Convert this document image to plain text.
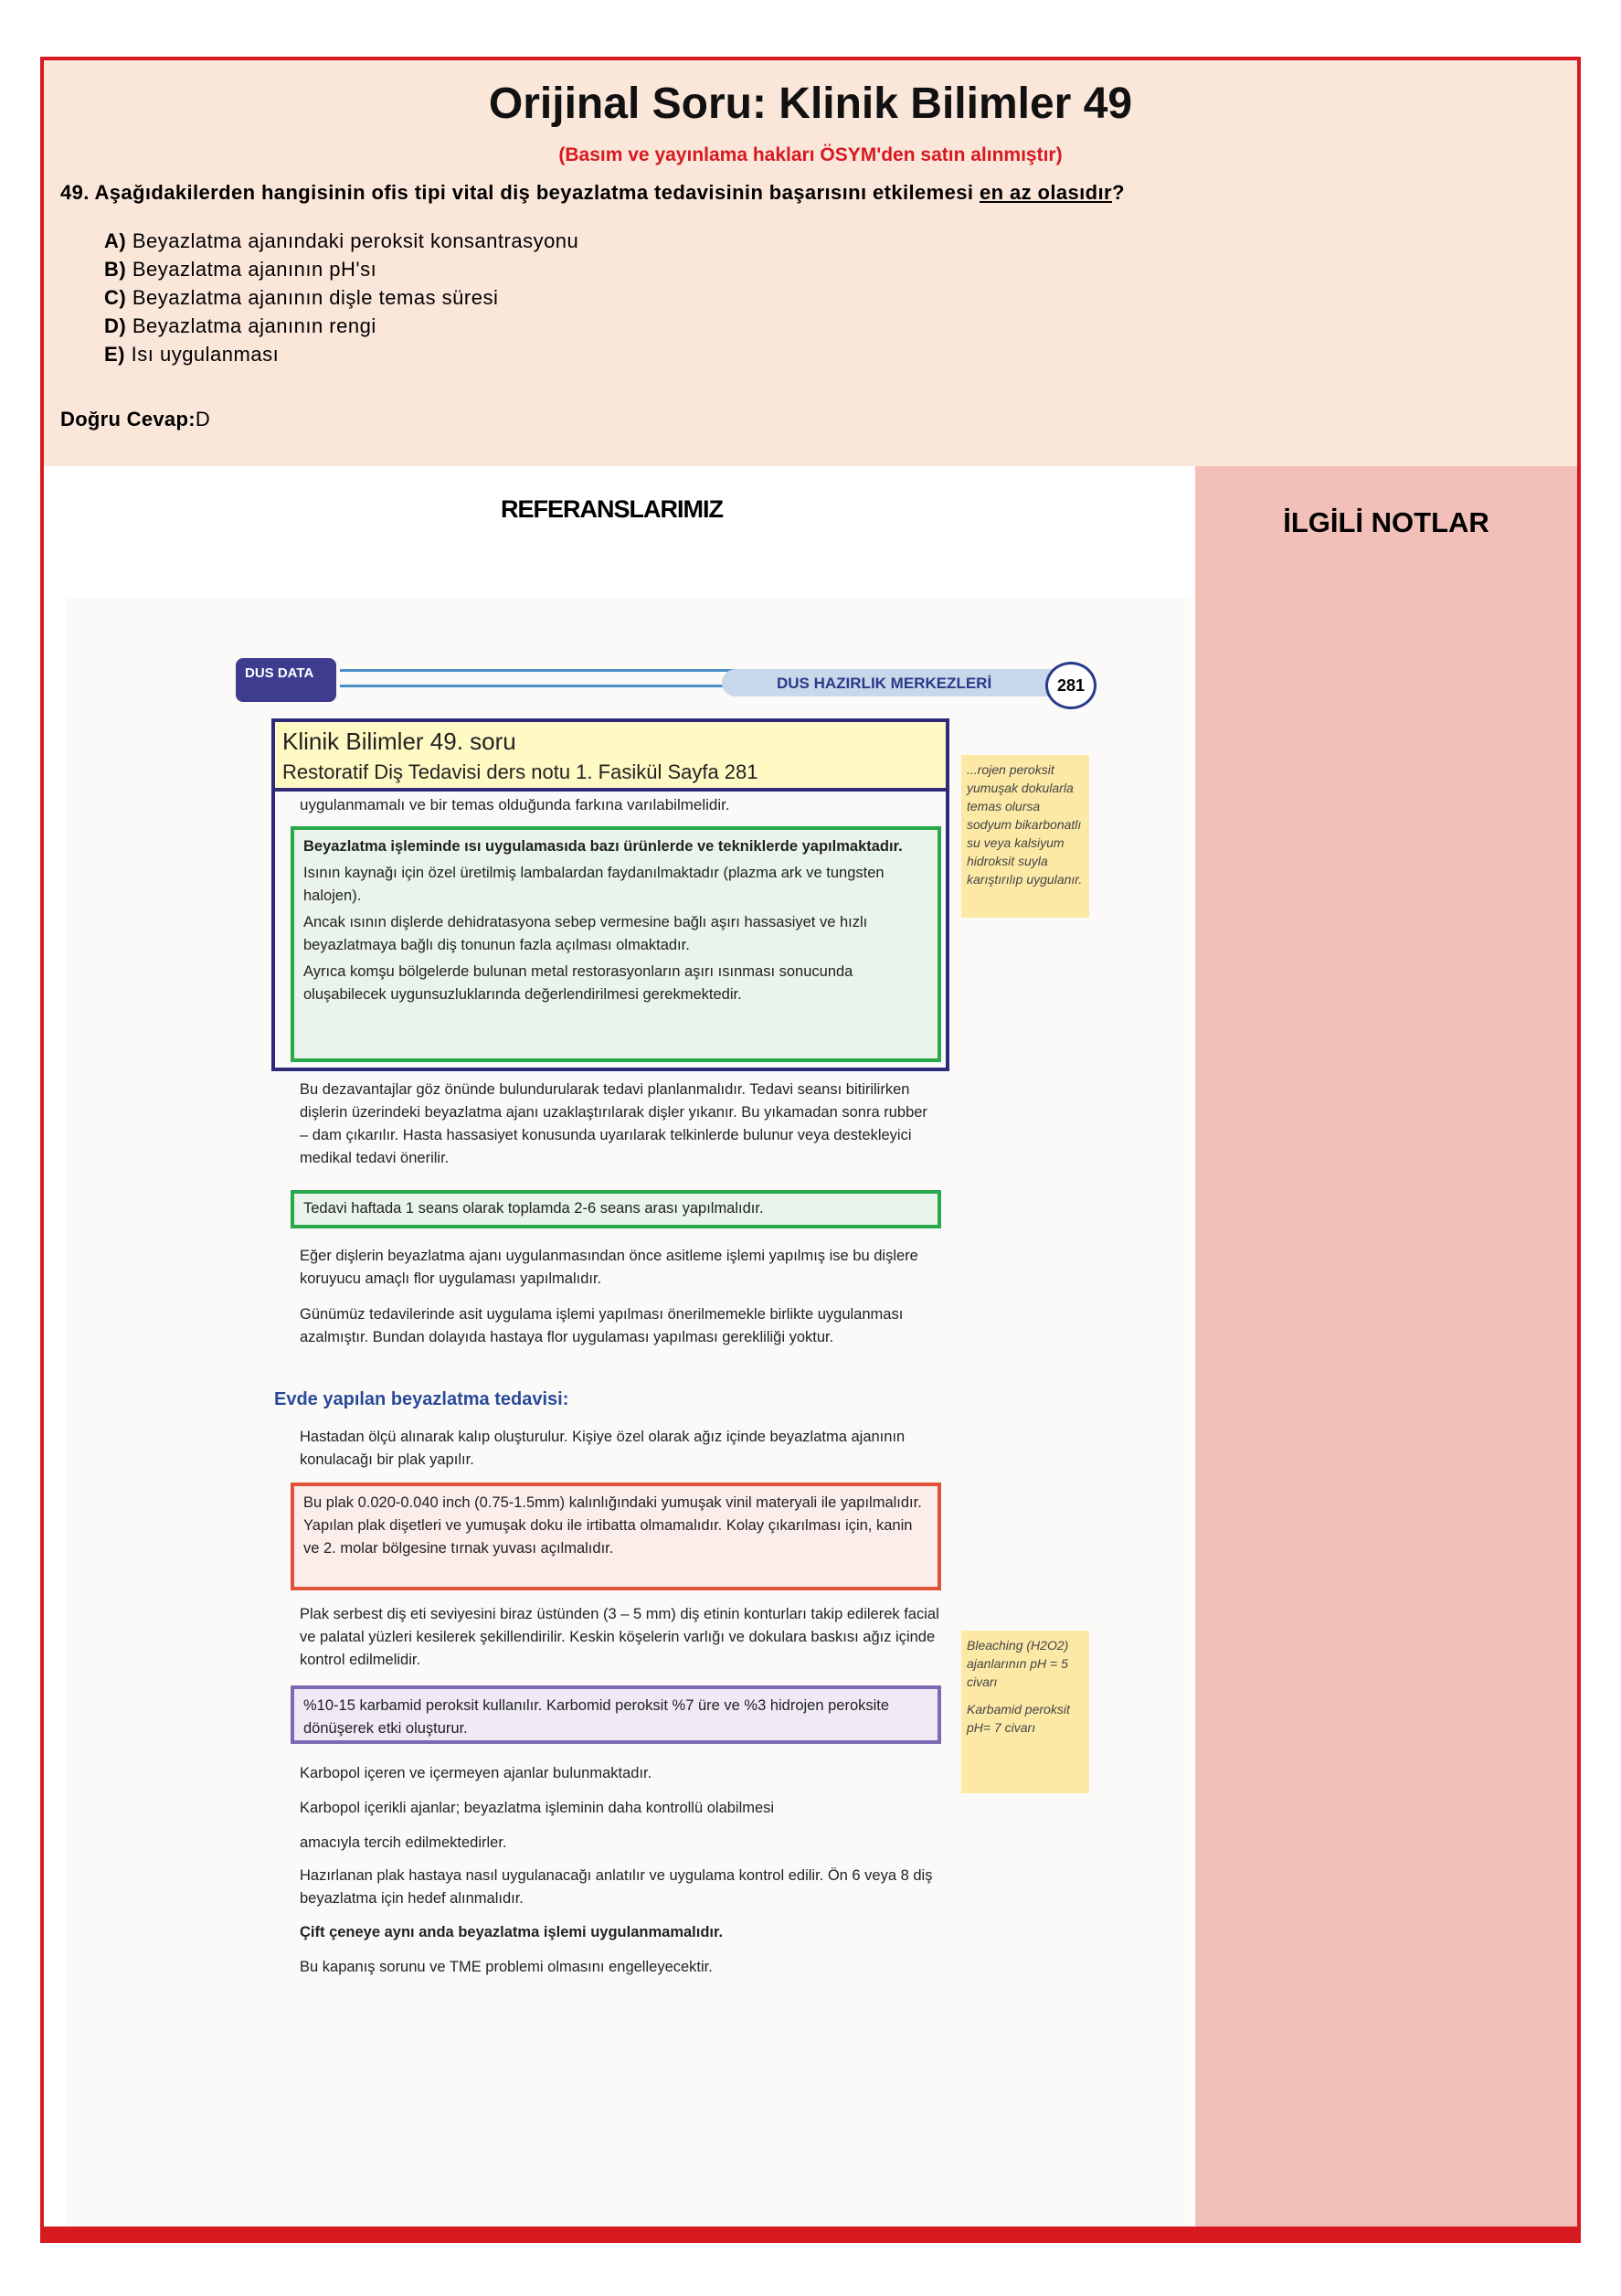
Orijinal Soru: Klinik Bilimler 49
(Basım ve yayınlama hakları ÖSYM'den satın alınmıştır)
49. Aşağıdakilerden hangisinin ofis tipi vital diş beyazlatma tedavisinin başarısını etkilemesi en az olasıdır?
A) Beyazlatma ajanındaki peroksit konsantrasyonu
B) Beyazlatma ajanının pH'sı
C) Beyazlatma ajanının dişle temas süresi
D) Beyazlatma ajanının rengi
E) Isı uygulanması
Doğru Cevap:D
REFERANSLARIMIZ	İLGİLİ NOTLAR
DUS DATA
DUS HAZIRLIK MERKEZLERİ	281
Klinik Bilimler 49. soru
Restoratif Diş Tedavisi ders notu 1. Fasikül Sayfa 281
uygulanmamalı ve bir temas olduğunda farkına varılabilmelidir.
Beyazlatma işleminde ısı uygulamasıda bazı ürünlerde ve tekniklerde yapılmaktadır.
Isının kaynağı için özel üretilmiş lambalardan faydanılmaktadır (plazma ark ve tungsten halojen).
Ancak ısının dişlerde dehidratasyona sebep vermesine bağlı aşırı hassasiyet ve hızlı beyazlatmaya bağlı diş tonunun fazla açılması olmaktadır.
Ayrıca komşu bölgelerde bulunan metal restorasyonların aşırı ısınması sonucunda oluşabilecek uygunsuzluklarında değerlendirilmesi gerekmektedir.
Bu dezavantajlar göz önünde bulundurularak tedavi planlanmalıdır. Tedavi seansı bitirilirken dişlerin üzerindeki beyazlatma ajanı uzaklaştırılarak dişler yıkanır. Bu yıkamadan sonra rubber – dam çıkarılır. Hasta hassasiyet konusunda uyarılarak telkinlerde bulunur veya destekleyici medikal tedavi önerilir.
Tedavi haftada 1 seans olarak toplamda 2-6 seans arası yapılmalıdır.
Eğer dişlerin beyazlatma ajanı uygulanmasından önce asitleme işlemi yapılmış ise bu dişlere koruyucu amaçlı flor uygulaması yapılmalıdır.
Günümüz tedavilerinde asit uygulama işlemi yapılması önerilmemekle birlikte uygulanması azalmıştır. Bundan dolayıda hastaya flor uygulaması yapılması gerekliliği yoktur.
Evde yapılan beyazlatma tedavisi:
Hastadan ölçü alınarak kalıp oluşturulur. Kişiye özel olarak ağız içinde beyazlatma ajanının konulacağı bir plak yapılır.
Bu plak 0.020-0.040 inch (0.75-1.5mm) kalınlığındaki yumuşak vinil materyali ile yapılmalıdır. Yapılan plak dişetleri ve yumuşak doku ile irtibatta olmamalıdır. Kolay çıkarılması için, kanin ve 2. molar bölgesine tırnak yuvası açılmalıdır.
Plak serbest diş eti seviyesini biraz üstünden (3 – 5 mm) diş etinin konturları takip edilerek facial ve palatal yüzleri kesilerek şekillendirilir. Keskin köşelerin varlığı ve dokulara baskısı ağız içinde kontrol edilmelidir.
%10-15 karbamid peroksit kullanılır. Karbomid peroksit %7 üre ve %3 hidrojen peroksite dönüşerek etki oluşturur.
Karbopol içeren ve içermeyen ajanlar bulunmaktadır.
Karbopol içerikli ajanlar; beyazlatma işleminin daha kontrollü olabilmesi
amacıyla tercih edilmektedirler.
Hazırlanan plak hastaya nasıl uygulanacağı anlatılır ve uygulama kontrol edilir. Ön 6 veya 8 diş beyazlatma için hedef alınmalıdır.
Çift çeneye aynı anda beyazlatma işlemi uygulanmamalıdır.
Bu kapanış sorunu ve TME problemi olmasını engelleyecektir.
...rojen peroksit yumuşak dokularla temas olursa sodyum bikarbonatlı su veya kalsiyum hidroksit suyla karıştırılıp uygulanır.
Bleaching (H2O2) ajanlarının pH = 5 civarı
Karbamid peroksit pH= 7 civarı
